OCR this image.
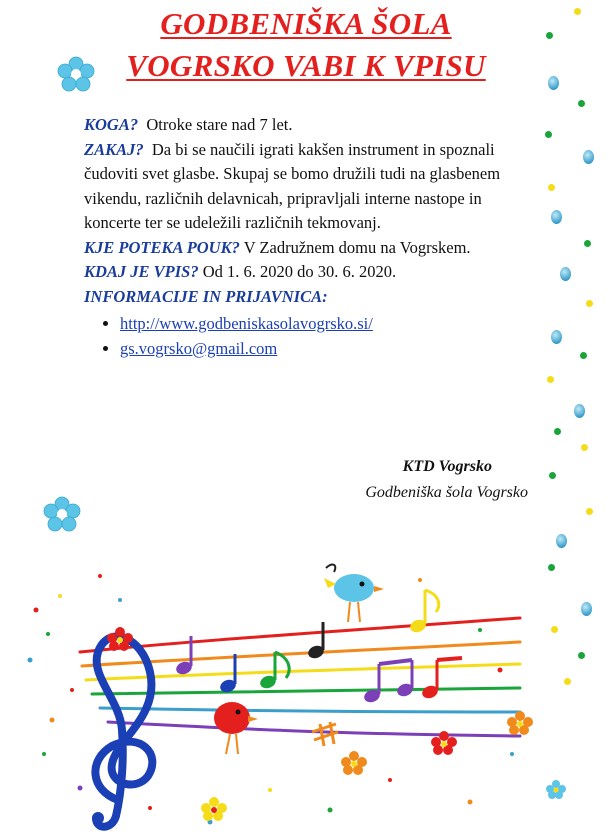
GODBENIŠKA ŠOLA
VOGRSKO VABI K VPISU

KOGA? Otroke stare nad 7 let.

ZAKAJ? Da bi se naučili igrati kakšen instrument in spoznali čudoviti svet glasbe. Skupaj se bomo družili tudi na glasbenem vikendu, različnih delavnicah, pripravljali interne nastope in koncerte ter se udeležili različnih tekmovanj.

KJE POTEKA POUK? V Zadružnem domu na Vogrskem.

KDAJ JE VPIS? Od 1. 6. 2020 do 30. 6. 2020.

INFORMACIJE IN PRIJAVNICA:

• http://www.godbeniskasolavogrsko.si/
• gs.vogrsko@gmail.com
KTD Vogrsko
Godbeniška šola Vogrsko
